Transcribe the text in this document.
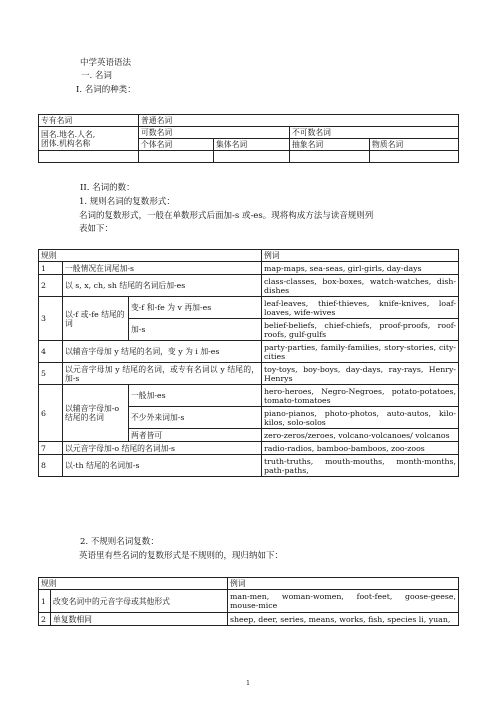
中学英语语法
一. 名词
I. 名词的种类：
专有名词	普通名词			
国名.地名.人名,
团体.机构名称	可数名词		不可数名词	
	个体名词	集体名词	抽象名词	物质名词

II. 名词的数：
1. 规则名词的复数形式：
名词的复数形式，一般在单数形式后面加-s 或-es。现将构成方法与读音规则列
表如下：
规则			例词
1	一般情况在词尾加-s		map-maps, sea-seas, girl-girls, day-days
2	以 s, x, ch, sh 结尾的名词后加-es		class-classes, box-boxes, watch-watches, dish-dishes
3	以-f 或-fe 结尾的词	变-f 和-fe 为 v 再加-es	leaf-leaves, thief-thieves, knife-knives, loaf-loaves, wife-wives
		加-s	belief-beliefs, chief-chiefs, proof-proofs, roof-roofs, gulf-gulfs
4	以辅音字母加 y 结尾的名词，变 y 为 i 加-es		party-parties, family-families, story-stories, city-cities
5	以元音字母加 y 结尾的名词，或专有名词以 y 结尾的，加-s		toy-toys, boy-boys, day-days, ray-rays, Henry-Henrys
6	以辅音字母加-o 结尾的名词	一般加-es	hero-heroes, Negro-Negroes, potato-potatoes, tomato-tomatoes
		不少外来词加-s	piano-pianos, photo-photos, auto-autos, kilo-kilos, solo-solos
		两者皆可	zero-zeros/zeroes, volcano-volcanoes/ volcanos
7	以元音字母加-o 结尾的名词加-s		radio-radios, bamboo-bamboos, zoo-zoos
8	以-th 结尾的名词加-s		truth-truths, mouth-mouths, month-months, path-paths,
2. 不规则名词复数：
英语里有些名词的复数形式是不规则的，现归纳如下：
规则		例词
1	改变名词中的元音字母或其他形式	man-men, woman-women, foot-feet, goose-geese, mouse-mice
2	单复数相同	sheep, deer, series, means, works, fish, species li, yuan,
1
